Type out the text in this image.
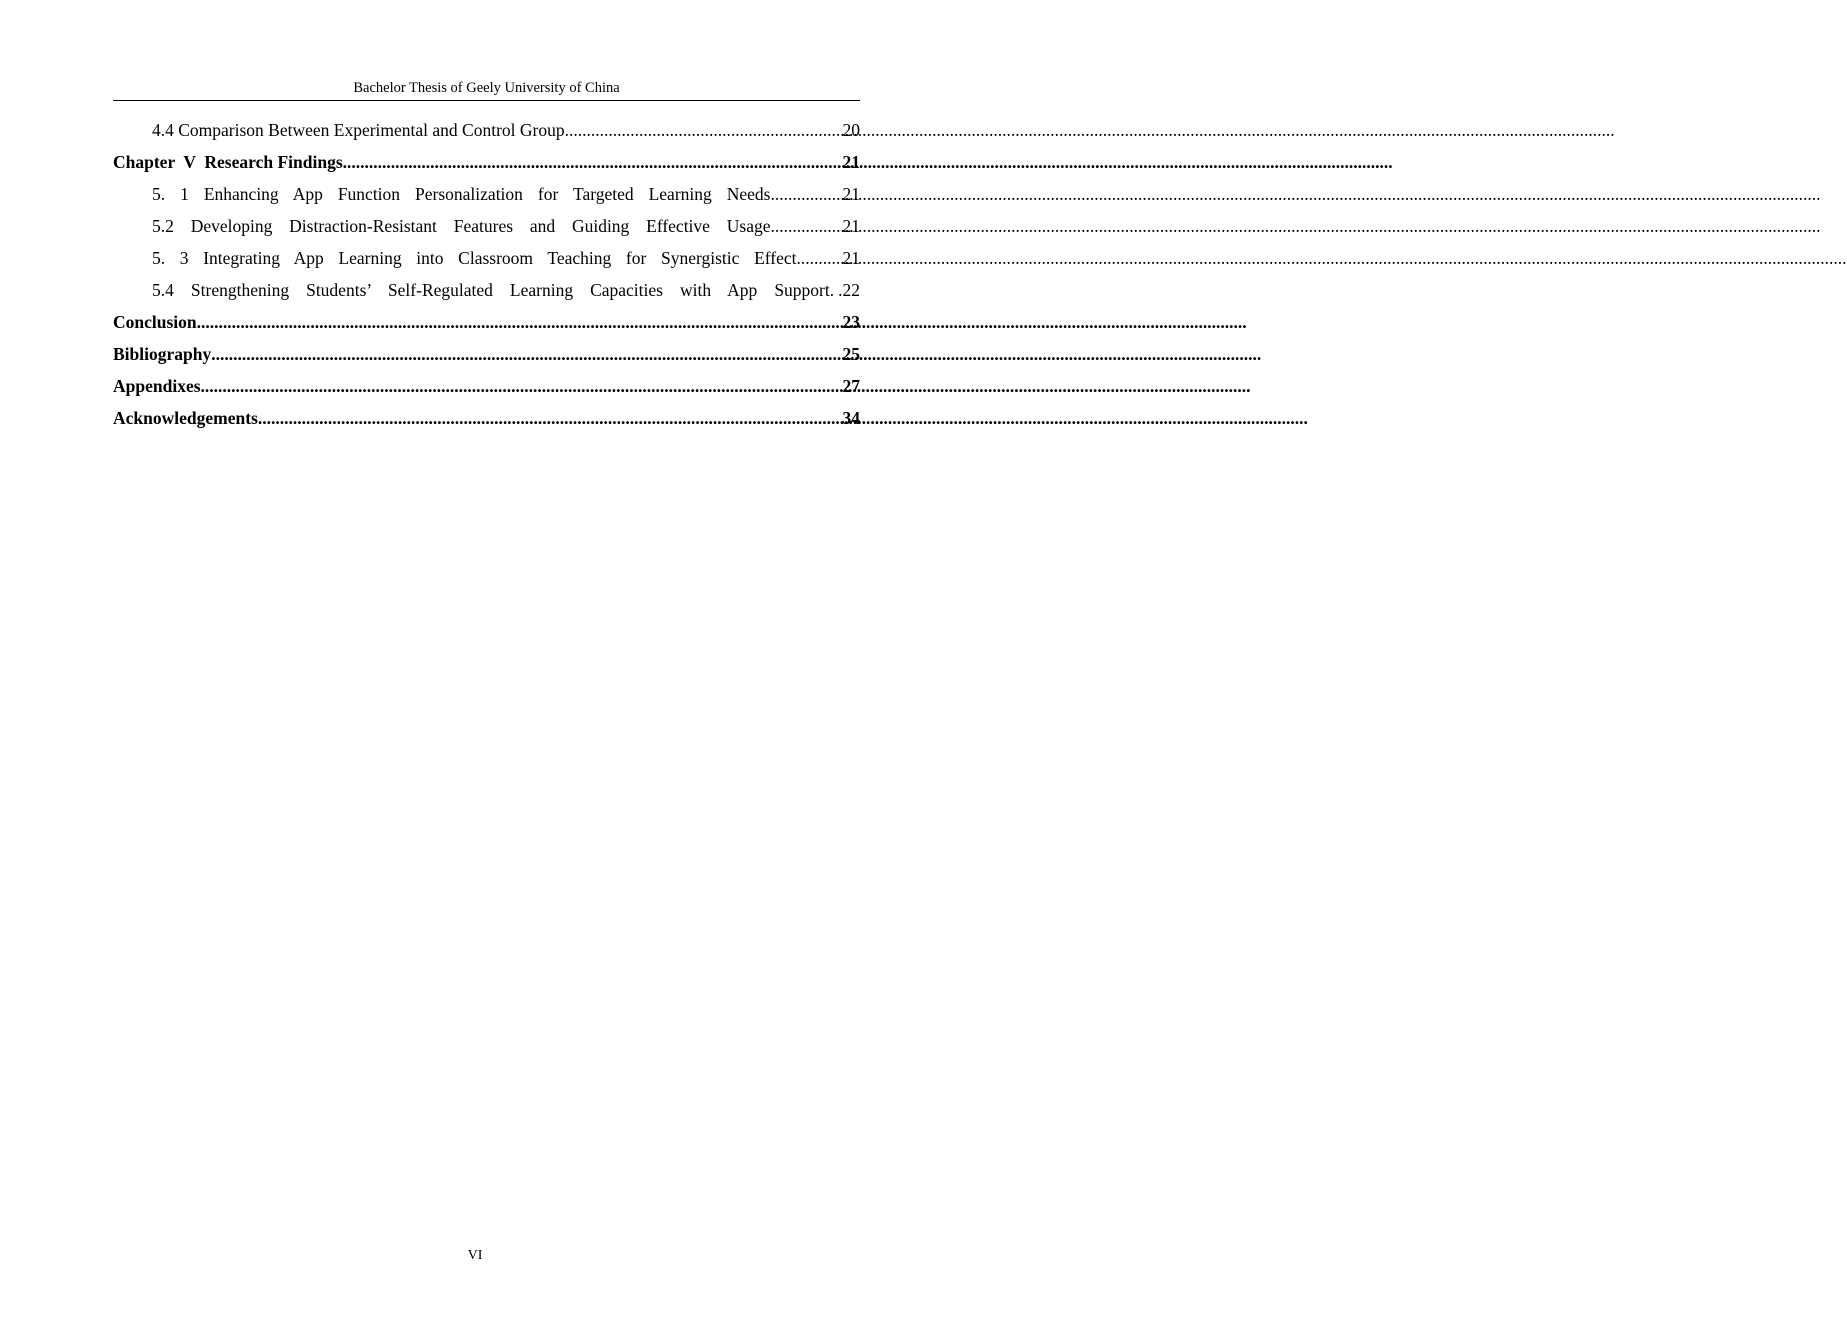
Bachelor Thesis of Geely University of China
4.4 Comparison Between Experimental and Control Group .....	20
Chapter  V  Research Findings .....	21
5. 1 Enhancing App Function Personalization for Targeted Learning Needs .....	21
5.2 Developing Distraction-Resistant Features and Guiding Effective Usage .....	21
5. 3 Integrating App Learning into Classroom Teaching for Synergistic Effect .....	21
5.4 Strengthening Students’ Self-Regulated Learning Capacities with App Support. .22
Conclusion .....	23
Bibliography .....	25
Appendixes .....	27
Acknowledgements .....	34
VI
